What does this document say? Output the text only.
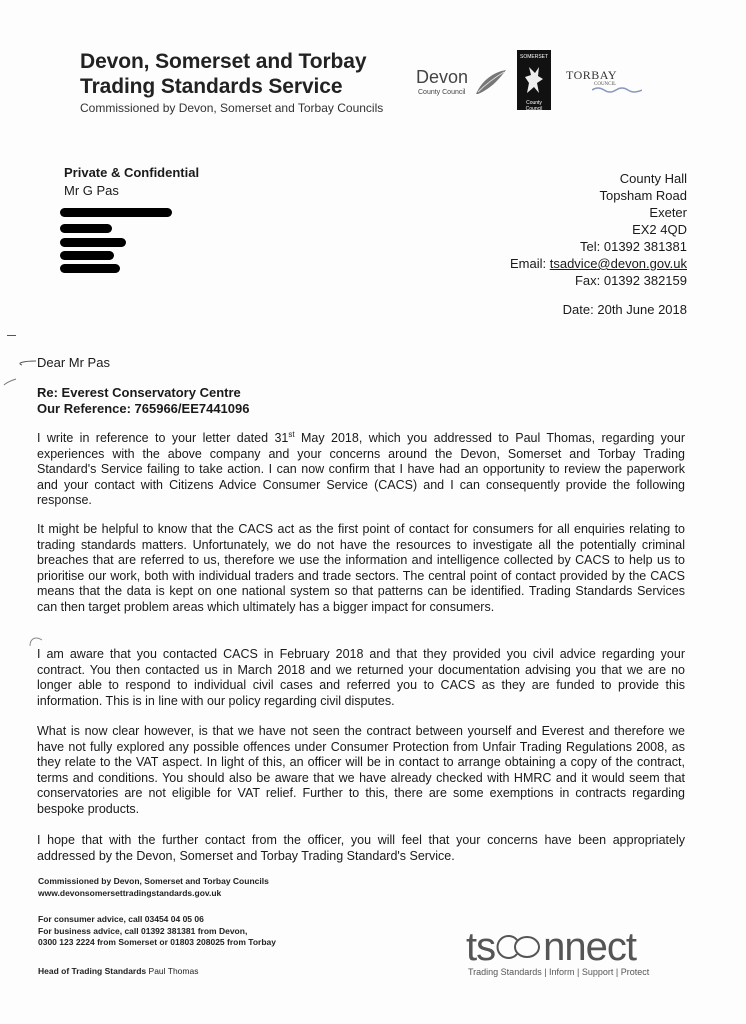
Devon, Somerset and Torbay
Trading Standards Service
Commissioned by Devon, Somerset and Torbay Councils
Devon
County Council
SOMERSET
County Council
TORBAY
COUNCIL
Private & Confidential
Mr G Pas
County Hall
Topsham Road
Exeter
EX2 4QD
Tel: 01392 381381
Email: tsadvice@devon.gov.uk
Fax: 01392 382159
Date: 20th June 2018
Dear Mr Pas
Re: Everest Conservatory Centre
Our Reference: 765966/EE7441096
I write in reference to your letter dated 31st May 2018, which you addressed to Paul Thomas, regarding your experiences with the above company and your concerns around the Devon, Somerset and Torbay Trading Standard's Service failing to take action. I can now confirm that I have had an opportunity to review the paperwork and your contact with Citizens Advice Consumer Service (CACS) and I can consequently provide the following response.
It might be helpful to know that the CACS act as the first point of contact for consumers for all enquiries relating to trading standards matters. Unfortunately, we do not have the resources to investigate all the potentially criminal breaches that are referred to us, therefore we use the information and intelligence collected by CACS to help us to prioritise our work, both with individual traders and trade sectors. The central point of contact provided by the CACS means that the data is kept on one national system so that patterns can be identified. Trading Standards Services can then target problem areas which ultimately has a bigger impact for consumers.
I am aware that you contacted CACS in February 2018 and that they provided you civil advice regarding your contract. You then contacted us in March 2018 and we returned your documentation advising you that we are no longer able to respond to individual civil cases and referred you to CACS as they are funded to provide this information. This is in line with our policy regarding civil disputes.
What is now clear however, is that we have not seen the contract between yourself and Everest and therefore we have not fully explored any possible offences under Consumer Protection from Unfair Trading Regulations 2008, as they relate to the VAT aspect. In light of this, an officer will be in contact to arrange obtaining a copy of the contract, terms and conditions. You should also be aware that we have already checked with HMRC and it would seem that conservatories are not eligible for VAT relief. Further to this, there are some exemptions in contracts regarding bespoke products.
I hope that with the further contact from the officer, you will feel that your concerns have been appropriately addressed by the Devon, Somerset and Torbay Trading Standard's Service.
Commissioned by Devon, Somerset and Torbay Councils
www.devonsomersettradingstandards.gov.uk
For consumer advice, call 03454 04 05 06
For business advice, call 01392 381381 from Devon,
0300 123 2224 from Somerset or 01803 208025 from Torbay
Head of Trading Standards Paul Thomas
ts nnect
Trading Standards | Inform | Support | Protect
